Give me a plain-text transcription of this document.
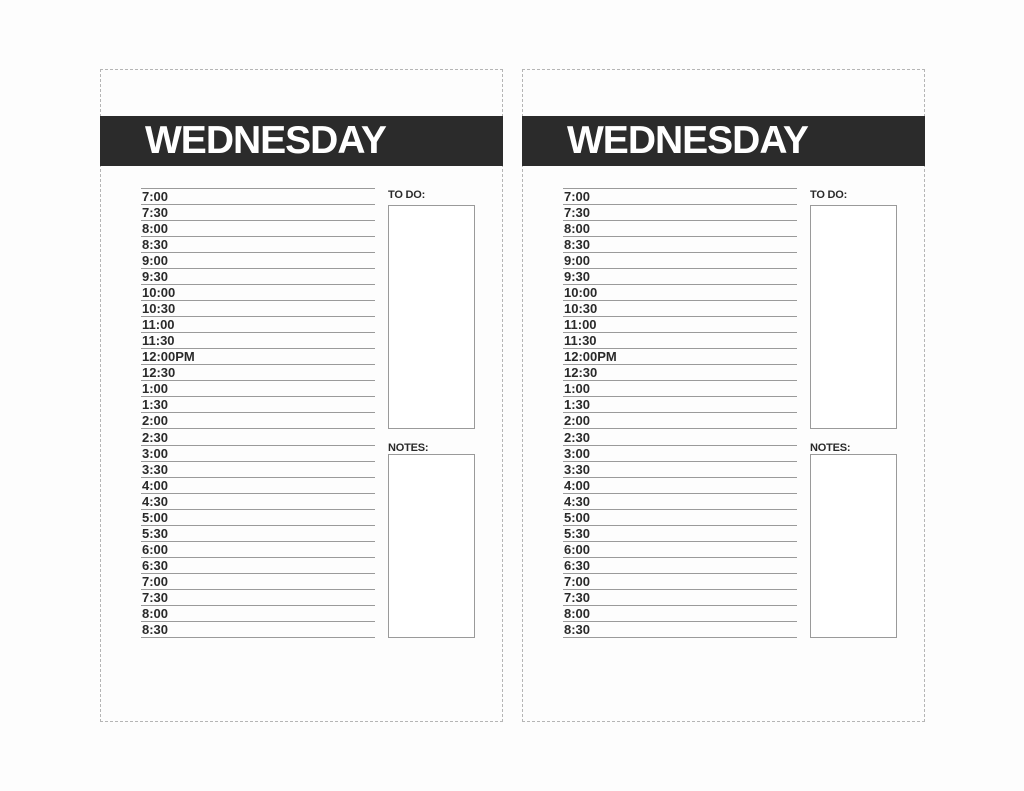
WEDNESDAY
7:00
7:30
8:00
8:30
9:00
9:30
10:00
10:30
11:00
11:30
12:00PM
12:30
1:00
1:30
2:00
2:30
3:00
3:30
4:00
4:30
5:00
5:30
6:00
6:30
7:00
7:30
8:00
8:30
TO DO:
NOTES:
WEDNESDAY
7:00
7:30
8:00
8:30
9:00
9:30
10:00
10:30
11:00
11:30
12:00PM
12:30
1:00
1:30
2:00
2:30
3:00
3:30
4:00
4:30
5:00
5:30
6:00
6:30
7:00
7:30
8:00
8:30
TO DO:
NOTES:
